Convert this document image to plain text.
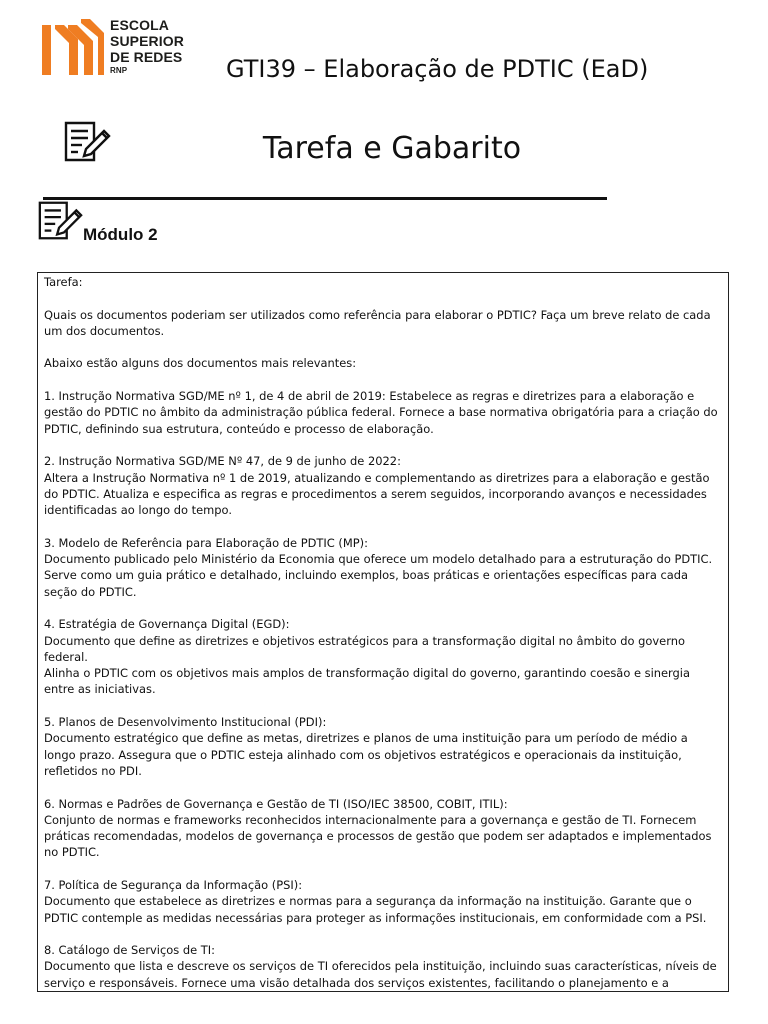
ESCOLA
SUPERIOR
DE REDES
RNP	GTI39 – Elaboração de PDTIC (EaD)
Tarefa e Gabarito
Módulo 2

Tarefa:

Quais os documentos poderiam ser utilizados como referência para elaborar o PDTIC? Faça um breve relato de cada um dos documentos.

Abaixo estão alguns dos documentos mais relevantes:

1. Instrução Normativa SGD/ME nº 1, de 4 de abril de 2019: Estabelece as regras e diretrizes para a elaboração e gestão do PDTIC no âmbito da administração pública federal. Fornece a base normativa obrigatória para a criação do PDTIC, definindo sua estrutura, conteúdo e processo de elaboração.

2. Instrução Normativa SGD/ME Nº 47, de 9 de junho de 2022:

Altera a Instrução Normativa nº 1 de 2019, atualizando e complementando as diretrizes para a elaboração e gestão do PDTIC. Atualiza e especifica as regras e procedimentos a serem seguidos, incorporando avanços e necessidades identificadas ao longo do tempo.

3. Modelo de Referência para Elaboração de PDTIC (MP):

Documento publicado pelo Ministério da Economia que oferece um modelo detalhado para a estruturação do PDTIC. Serve como um guia prático e detalhado, incluindo exemplos, boas práticas e orientações específicas para cada seção do PDTIC.

4. Estratégia de Governança Digital (EGD):

Documento que define as diretrizes e objetivos estratégicos para a transformação digital no âmbito do governo federal.

Alinha o PDTIC com os objetivos mais amplos de transformação digital do governo, garantindo coesão e sinergia entre as iniciativas.

5. Planos de Desenvolvimento Institucional (PDI):

Documento estratégico que define as metas, diretrizes e planos de uma instituição para um período de médio a longo prazo. Assegura que o PDTIC esteja alinhado com os objetivos estratégicos e operacionais da instituição, refletidos no PDI.

6. Normas e Padrões de Governança e Gestão de TI (ISO/IEC 38500, COBIT, ITIL):

Conjunto de normas e frameworks reconhecidos internacionalmente para a governança e gestão de TI. Fornecem práticas recomendadas, modelos de governança e processos de gestão que podem ser adaptados e implementados no PDTIC.

7. Política de Segurança da Informação (PSI):

Documento que estabelece as diretrizes e normas para a segurança da informação na instituição. Garante que o PDTIC contemple as medidas necessárias para proteger as informações institucionais, em conformidade com a PSI.

8. Catálogo de Serviços de TI:

Documento que lista e descreve os serviços de TI oferecidos pela instituição, incluindo suas características, níveis de serviço e responsáveis. Fornece uma visão detalhada dos serviços existentes, facilitando o planejamento e a
